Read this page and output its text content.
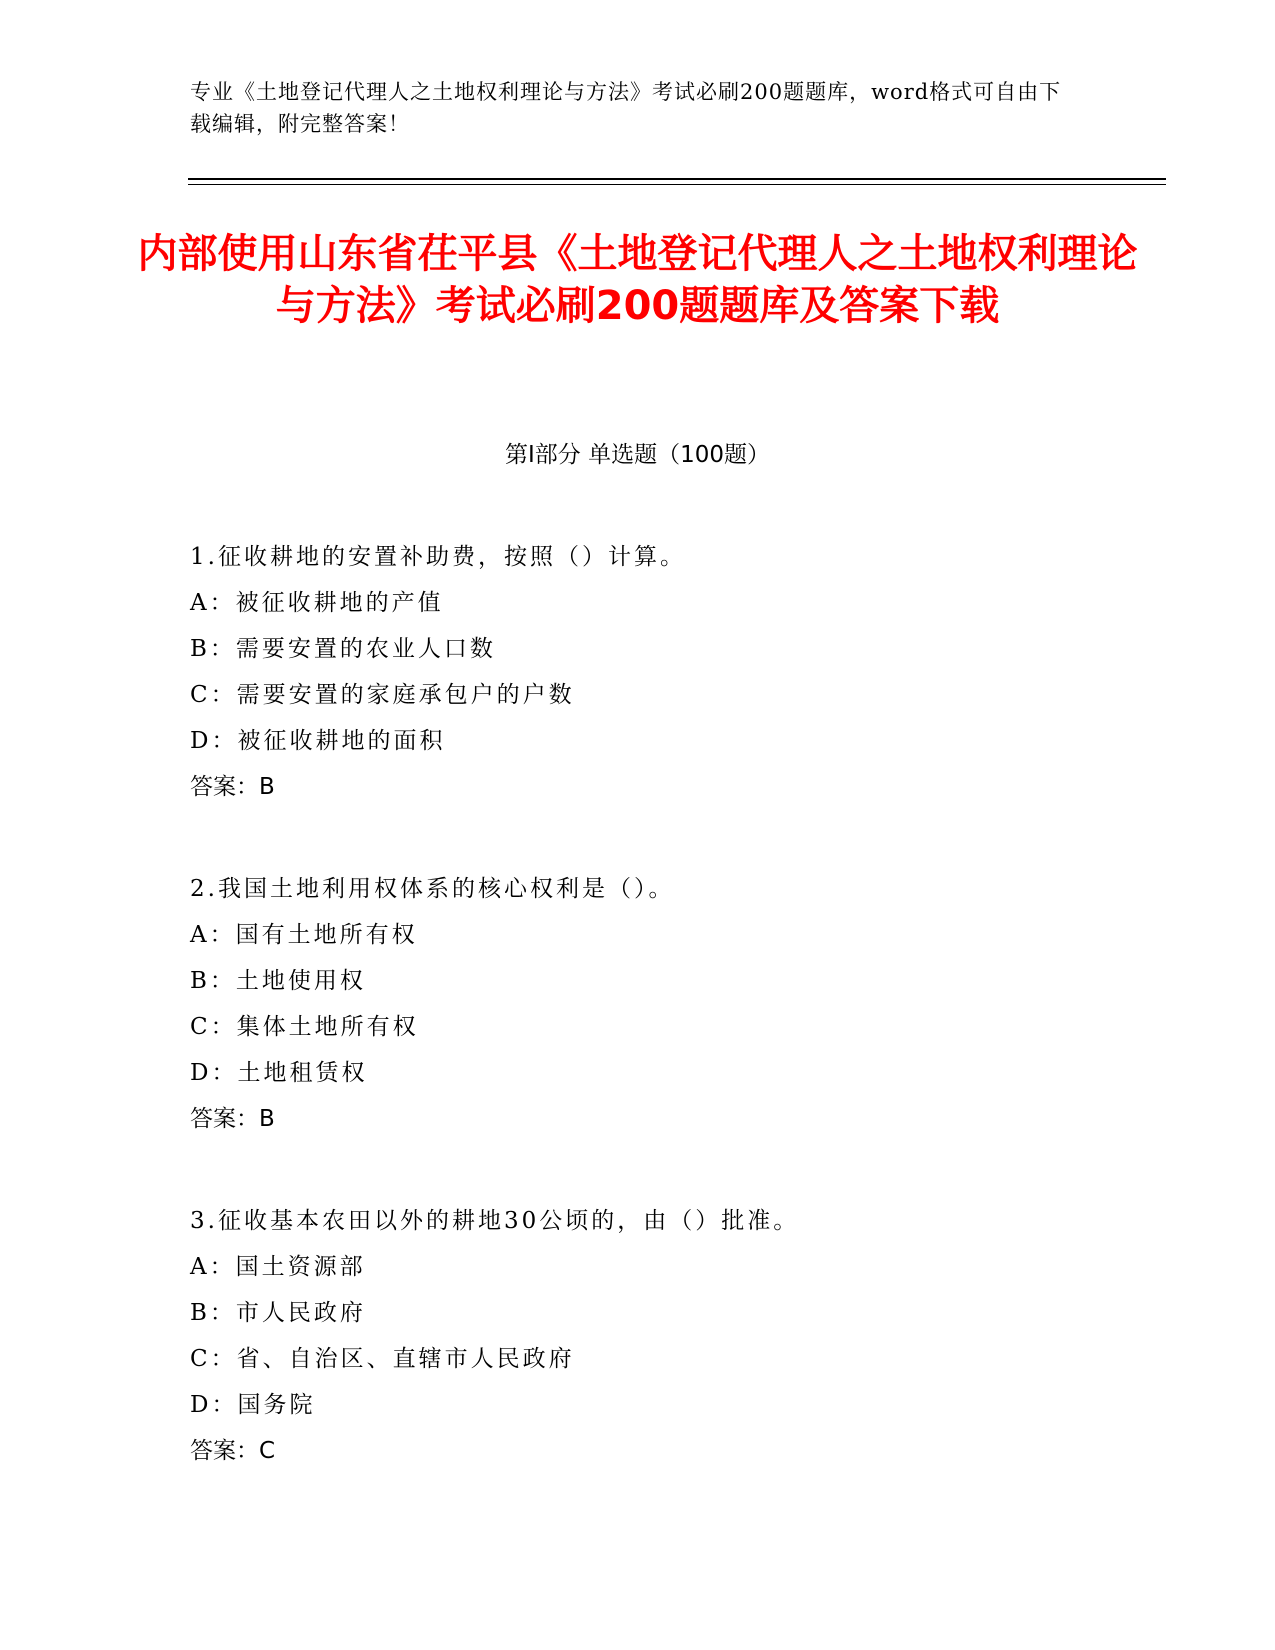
专业《土地登记代理人之土地权利理论与方法》考试必刷200题题库，word格式可自由下载编辑，附完整答案！
内部使用山东省茌平县《土地登记代理人之土地权利理论与方法》考试必刷200题题库及答案下载
第Ⅰ部分 单选题（100题）
1.征收耕地的安置补助费，按照（）计算。
A：被征收耕地的产值
B：需要安置的农业人口数
C：需要安置的家庭承包户的户数
D：被征收耕地的面积
答案：B
2.我国土地利用权体系的核心权利是（）。
A：国有土地所有权
B：土地使用权
C：集体土地所有权
D：土地租赁权
答案：B
3.征收基本农田以外的耕地30公顷的，由（）批准。
A：国土资源部
B：市人民政府
C：省、自治区、直辖市人民政府
D：国务院
答案：C
